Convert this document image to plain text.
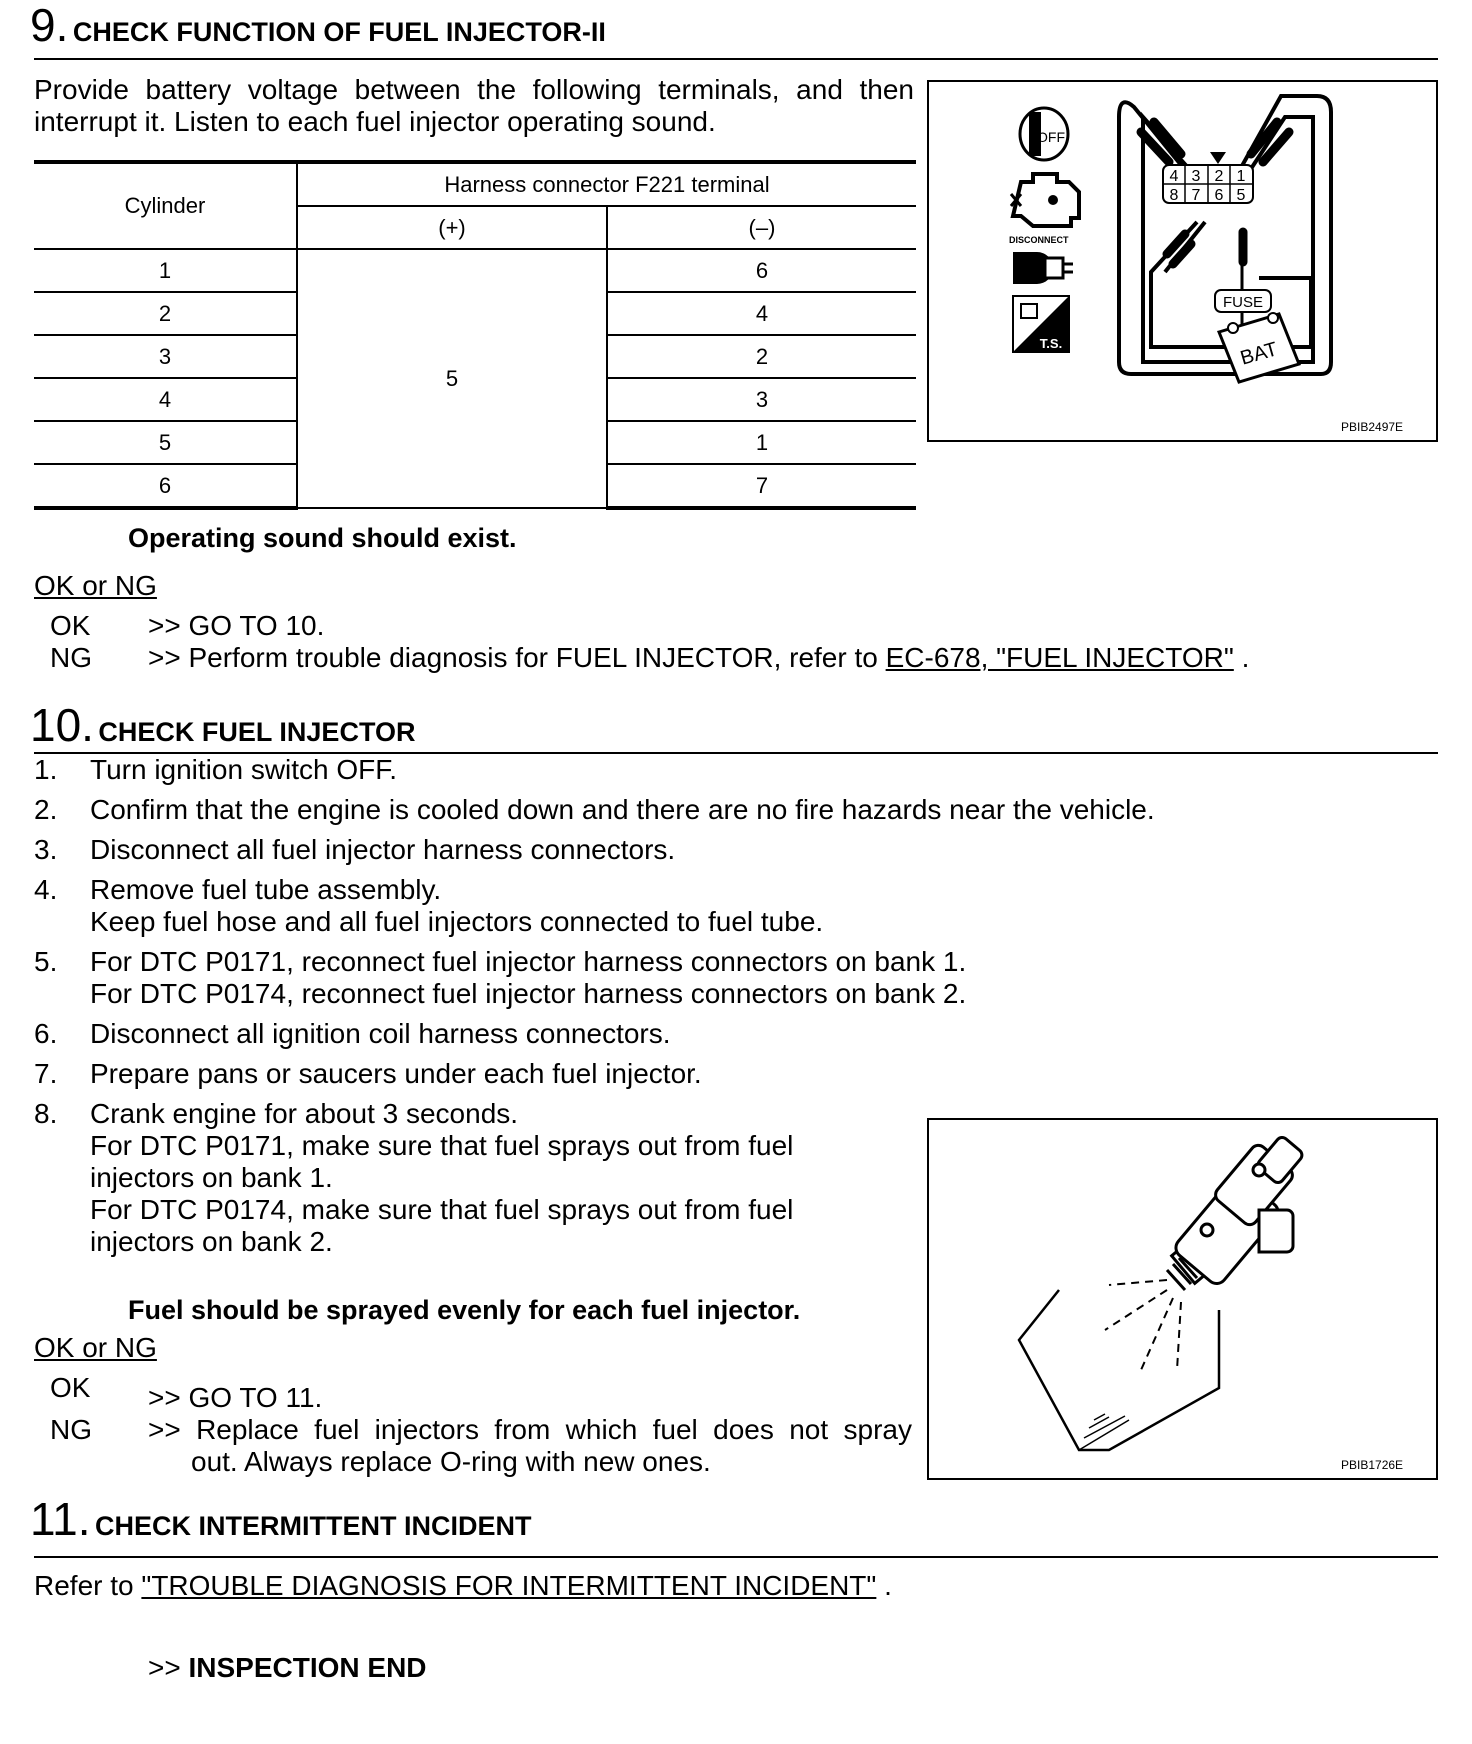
9. CHECK FUNCTION OF FUEL INJECTOR-II
Provide battery voltage between the following terminals, and then
interrupt it. Listen to each fuel injector operating sound.
Cylinder	Harness connector F221 terminal	
	(+)	(–)
1	5	6
2		4
3		2
4		3
5		1
6		7
OFF
DISCONNECT
T.S.
4 3 2 1
8 7 6 5
FUSE
BAT
PBIB2497E
Operating sound should exist.
OK or NG
OK >> GO TO 10.
NG >> Perform trouble diagnosis for FUEL INJECTOR, refer to EC-678, "FUEL INJECTOR" .
10. CHECK FUEL INJECTOR
1.	Turn ignition switch OFF.
2.	Confirm that the engine is cooled down and there are no fire hazards near the vehicle.
3.	Disconnect all fuel injector harness connectors.
4.	Remove fuel tube assembly.
Keep fuel hose and all fuel injectors connected to fuel tube.
5.	For DTC P0171, reconnect fuel injector harness connectors on bank 1.
For DTC P0174, reconnect fuel injector harness connectors on bank 2.
6.	Disconnect all ignition coil harness connectors.
7.	Prepare pans or saucers under each fuel injector.
8.	Crank engine for about 3 seconds.
For DTC P0171, make sure that fuel sprays out from fuel
injectors on bank 1.
For DTC P0174, make sure that fuel sprays out from fuel
injectors on bank 2.
PBIB1726E
Fuel should be sprayed evenly for each fuel injector.
OK or NG
OK >> GO TO 11.
NG >> Replace fuel injectors from which fuel does not spray
out. Always replace O-ring with new ones.
11. CHECK INTERMITTENT INCIDENT
Refer to "TROUBLE DIAGNOSIS FOR INTERMITTENT INCIDENT" .
>> INSPECTION END
